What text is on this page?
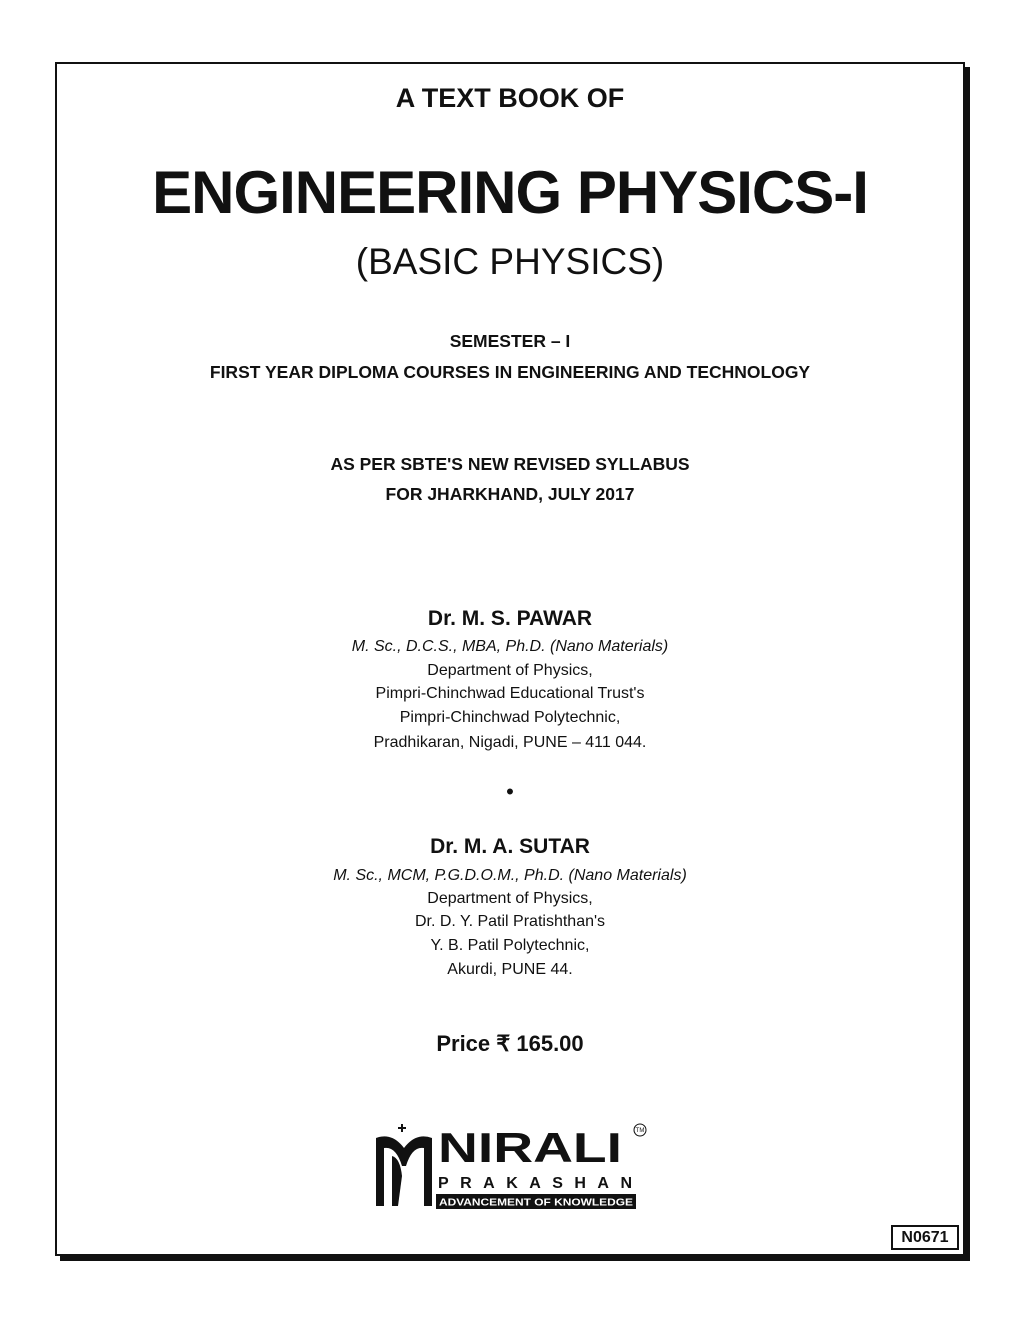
A TEXT BOOK OF
ENGINEERING PHYSICS-I
(BASIC PHYSICS)
SEMESTER – I
FIRST YEAR DIPLOMA COURSES IN ENGINEERING AND TECHNOLOGY
AS PER SBTE'S NEW REVISED SYLLABUS
FOR JHARKHAND, JULY 2017
Dr. M. S. PAWAR
M. Sc., D.C.S., MBA, Ph.D. (Nano Materials)
Department of Physics,
Pimpri-Chinchwad Educational Trust's
Pimpri-Chinchwad Polytechnic,
Pradhikaran, Nigadi, PUNE – 411 044.
•
Dr. M. A. SUTAR
M. Sc., MCM, P.G.D.O.M., Ph.D. (Nano Materials)
Department of Physics,
Dr. D. Y. Patil Pratishthan's
Y. B. Patil Polytechnic,
Akurdi, PUNE 44.
Price ₹ 165.00
NIRALI TM
PRAKASHAN
ADVANCEMENT OF KNOWLEDGE
N0671
